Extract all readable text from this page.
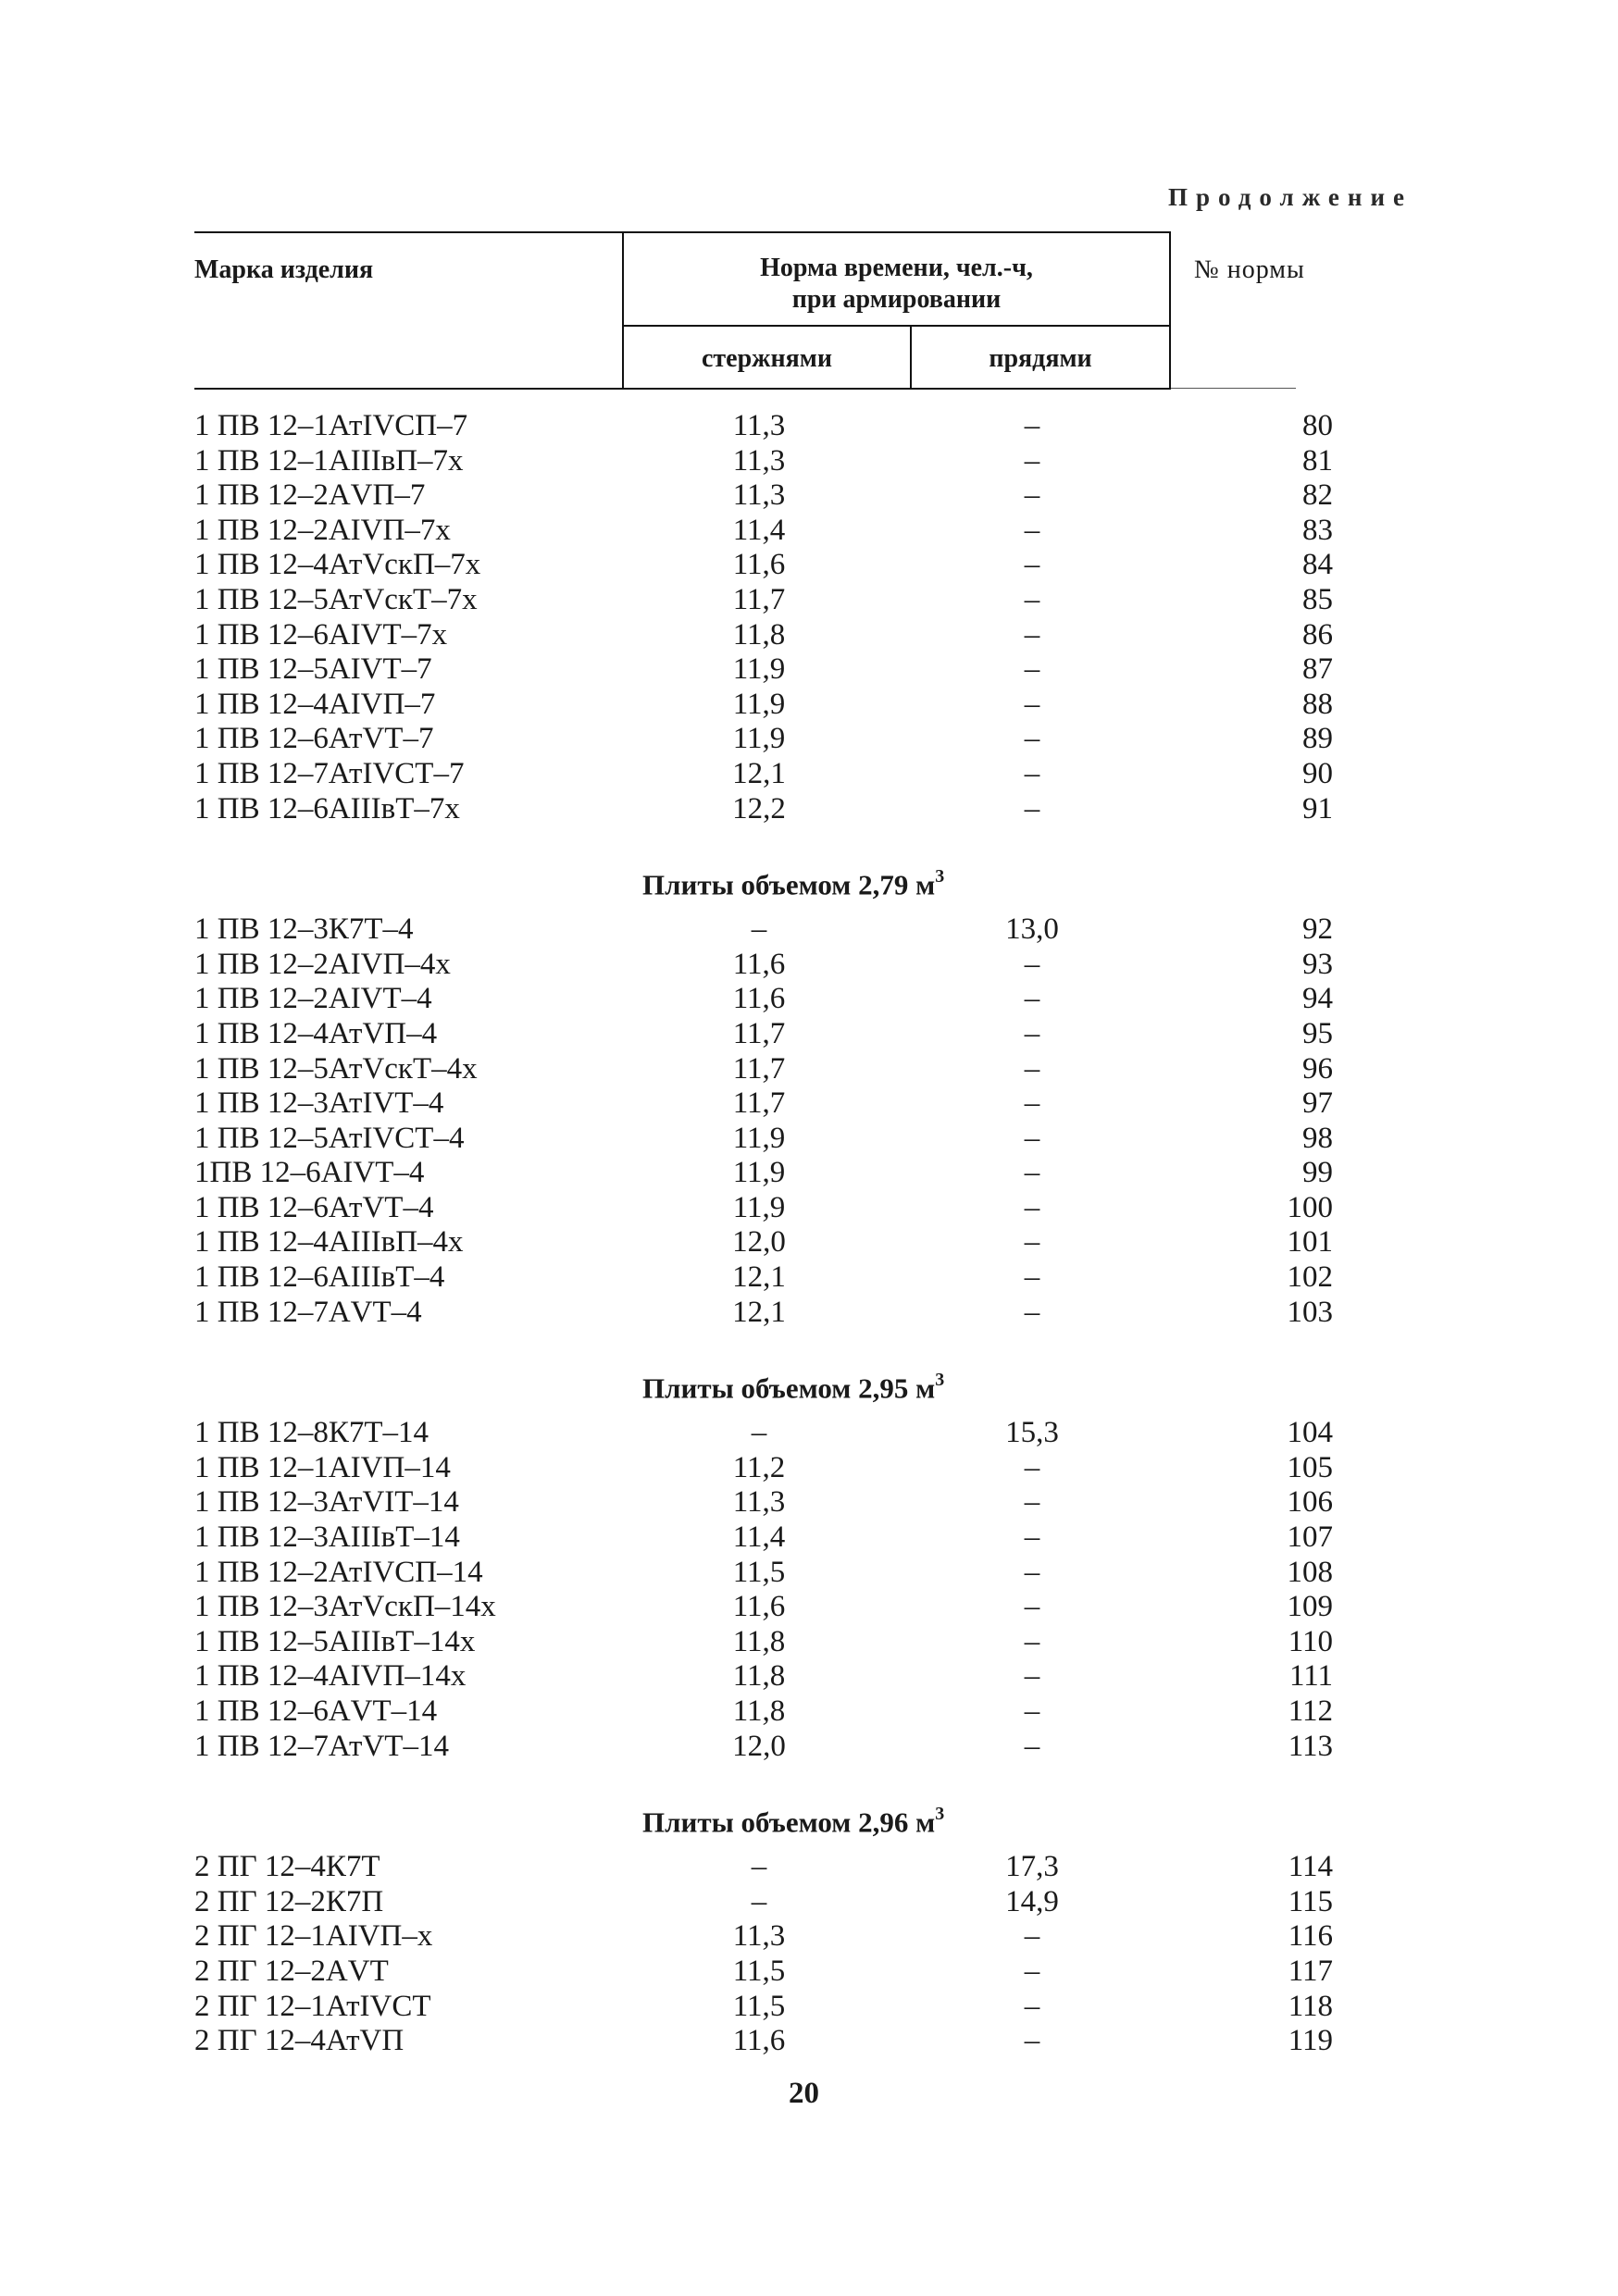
Продолжение
Марка изделия	Норма времени, чел.-ч,
при армировании
стержнями	прядями
№ нормы
1 ПВ 12–1АтIVСП–7	11,3	–	80
1 ПВ 12–1АIIIвП–7х	11,3	–	81
1 ПВ 12–2АVП–7	11,3	–	82
1 ПВ 12–2АIVП–7х	11,4	–	83
1 ПВ 12–4АтVскП–7х	11,6	–	84
1 ПВ 12–5АтVскТ–7х	11,7	–	85
1 ПВ 12–6АIVТ–7х	11,8	–	86
1 ПВ 12–5АIVТ–7	11,9	–	87
1 ПВ 12–4АIVП–7	11,9	–	88
1 ПВ 12–6АтVТ–7	11,9	–	89
1 ПВ 12–7АтIVСТ–7	12,1	–	90
1 ПВ 12–6АIIIвТ–7х	12,2	–	91
Плиты объемом 2,79 $м^3$
1 ПВ 12–3К7Т–4	–	13,0	92
1 ПВ 12–2АIVП–4х	11,6	–	93
1 ПВ 12–2АIVТ–4	11,6	–	94
1 ПВ 12–4АтVП–4	11,7	–	95
1 ПВ 12–5АтVскТ–4х	11,7	–	96
1 ПВ 12–3АтIVТ–4	11,7	–	97
1 ПВ 12–5АтIVСТ–4	11,9	–	98
1ПВ 12–6АIVТ–4	11,9	–	99
1 ПВ 12–6АтVТ–4	11,9	–	100
1 ПВ 12–4АIIIвП–4х	12,0	–	101
1 ПВ 12–6АIIIвТ–4	12,1	–	102
1 ПВ 12–7АVТ–4	12,1	–	103
Плиты объемом 2,95 $м^3$
1 ПВ 12–8К7Т–14	–	15,3	104
1 ПВ 12–1АIVП–14	11,2	–	105
1 ПВ 12–3АтVIТ–14	11,3	–	106
1 ПВ 12–3АIIIвТ–14	11,4	–	107
1 ПВ 12–2АтIVСП–14	11,5	–	108
1 ПВ 12–3АтVскП–14х	11,6	–	109
1 ПВ 12–5АIIIвТ–14х	11,8	–	110
1 ПВ 12–4АIVП–14х	11,8	–	111
1 ПВ 12–6АVТ–14	11,8	–	112
1 ПВ 12–7АтVТ–14	12,0	–	113
Плиты объемом 2,96 $м^3$
2 ПГ 12–4К7Т	–	17,3	114
2 ПГ 12–2К7П	–	14,9	115
2 ПГ 12–1АIVП–х	11,3	–	116
2 ПГ 12–2АVТ	11,5	–	117
2 ПГ 12–1АтIVСТ	11,5	–	118
2 ПГ 12–4АтVП	11,6	–	119
20
